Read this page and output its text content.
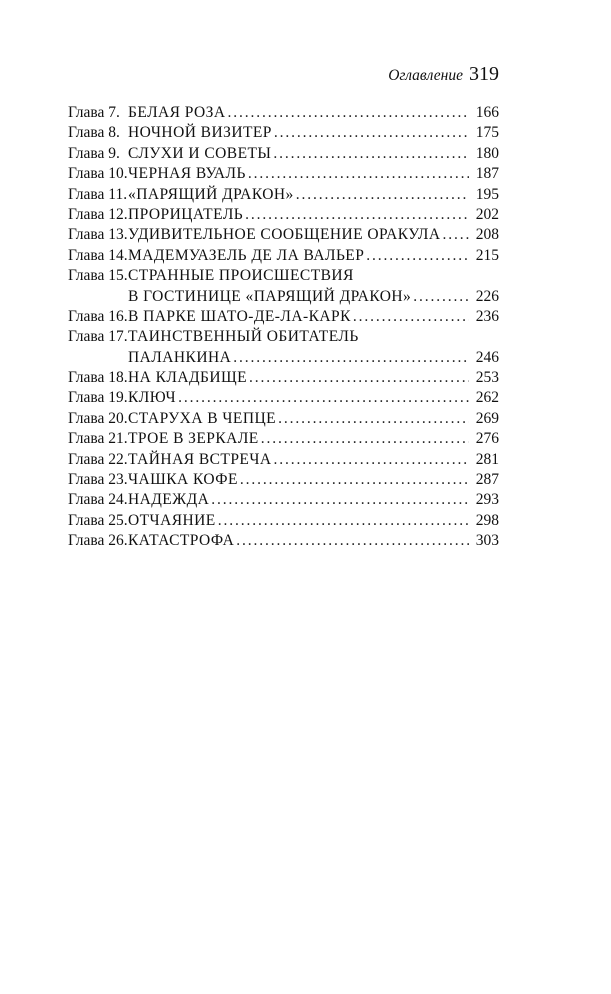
Оглавление 319
Глава 7. БЕЛАЯ РОЗА . . .	166
Глава 8. НОЧНОЙ ВИЗИТЕР . . .	175
Глава 9. СЛУХИ И СОВЕТЫ . . .	180
Глава 10. ЧЕРНАЯ ВУАЛЬ . . .	187
Глава 11. «ПАРЯЩИЙ ДРАКОН» . . .	195
Глава 12. ПРОРИЦАТЕЛЬ . . .	202
Глава 13. УДИВИТЕЛЬНОЕ СООБЩЕНИЕ ОРАКУЛА . . .	208
Глава 14. МАДЕМУАЗЕЛЬ ДЕ ЛА ВАЛЬЕР . . .	215
Глава 15. СТРАННЫЕ ПРОИСШЕСТВИЯ
В ГОСТИНИЦЕ «ПАРЯЩИЙ ДРАКОН» . . .	226
Глава 16. В ПАРКЕ ШАТО-ДЕ-ЛА-КАРК . . .	236
Глава 17. ТАИНСТВЕННЫЙ ОБИТАТЕЛЬ
ПАЛАНКИНА . . .	246
Глава 18. НА КЛАДБИЩЕ . . .	253
Глава 19. КЛЮЧ . . .	262
Глава 20. СТАРУХА В ЧЕПЦЕ . . .	269
Глава 21. ТРОЕ В ЗЕРКАЛЕ . . .	276
Глава 22. ТАЙНАЯ ВСТРЕЧА . . .	281
Глава 23. ЧАШКА КОФЕ . . .	287
Глава 24. НАДЕЖДА . . .	293
Глава 25. ОТЧАЯНИЕ . . .	298
Глава 26. КАТАСТРОФА . . .	303
